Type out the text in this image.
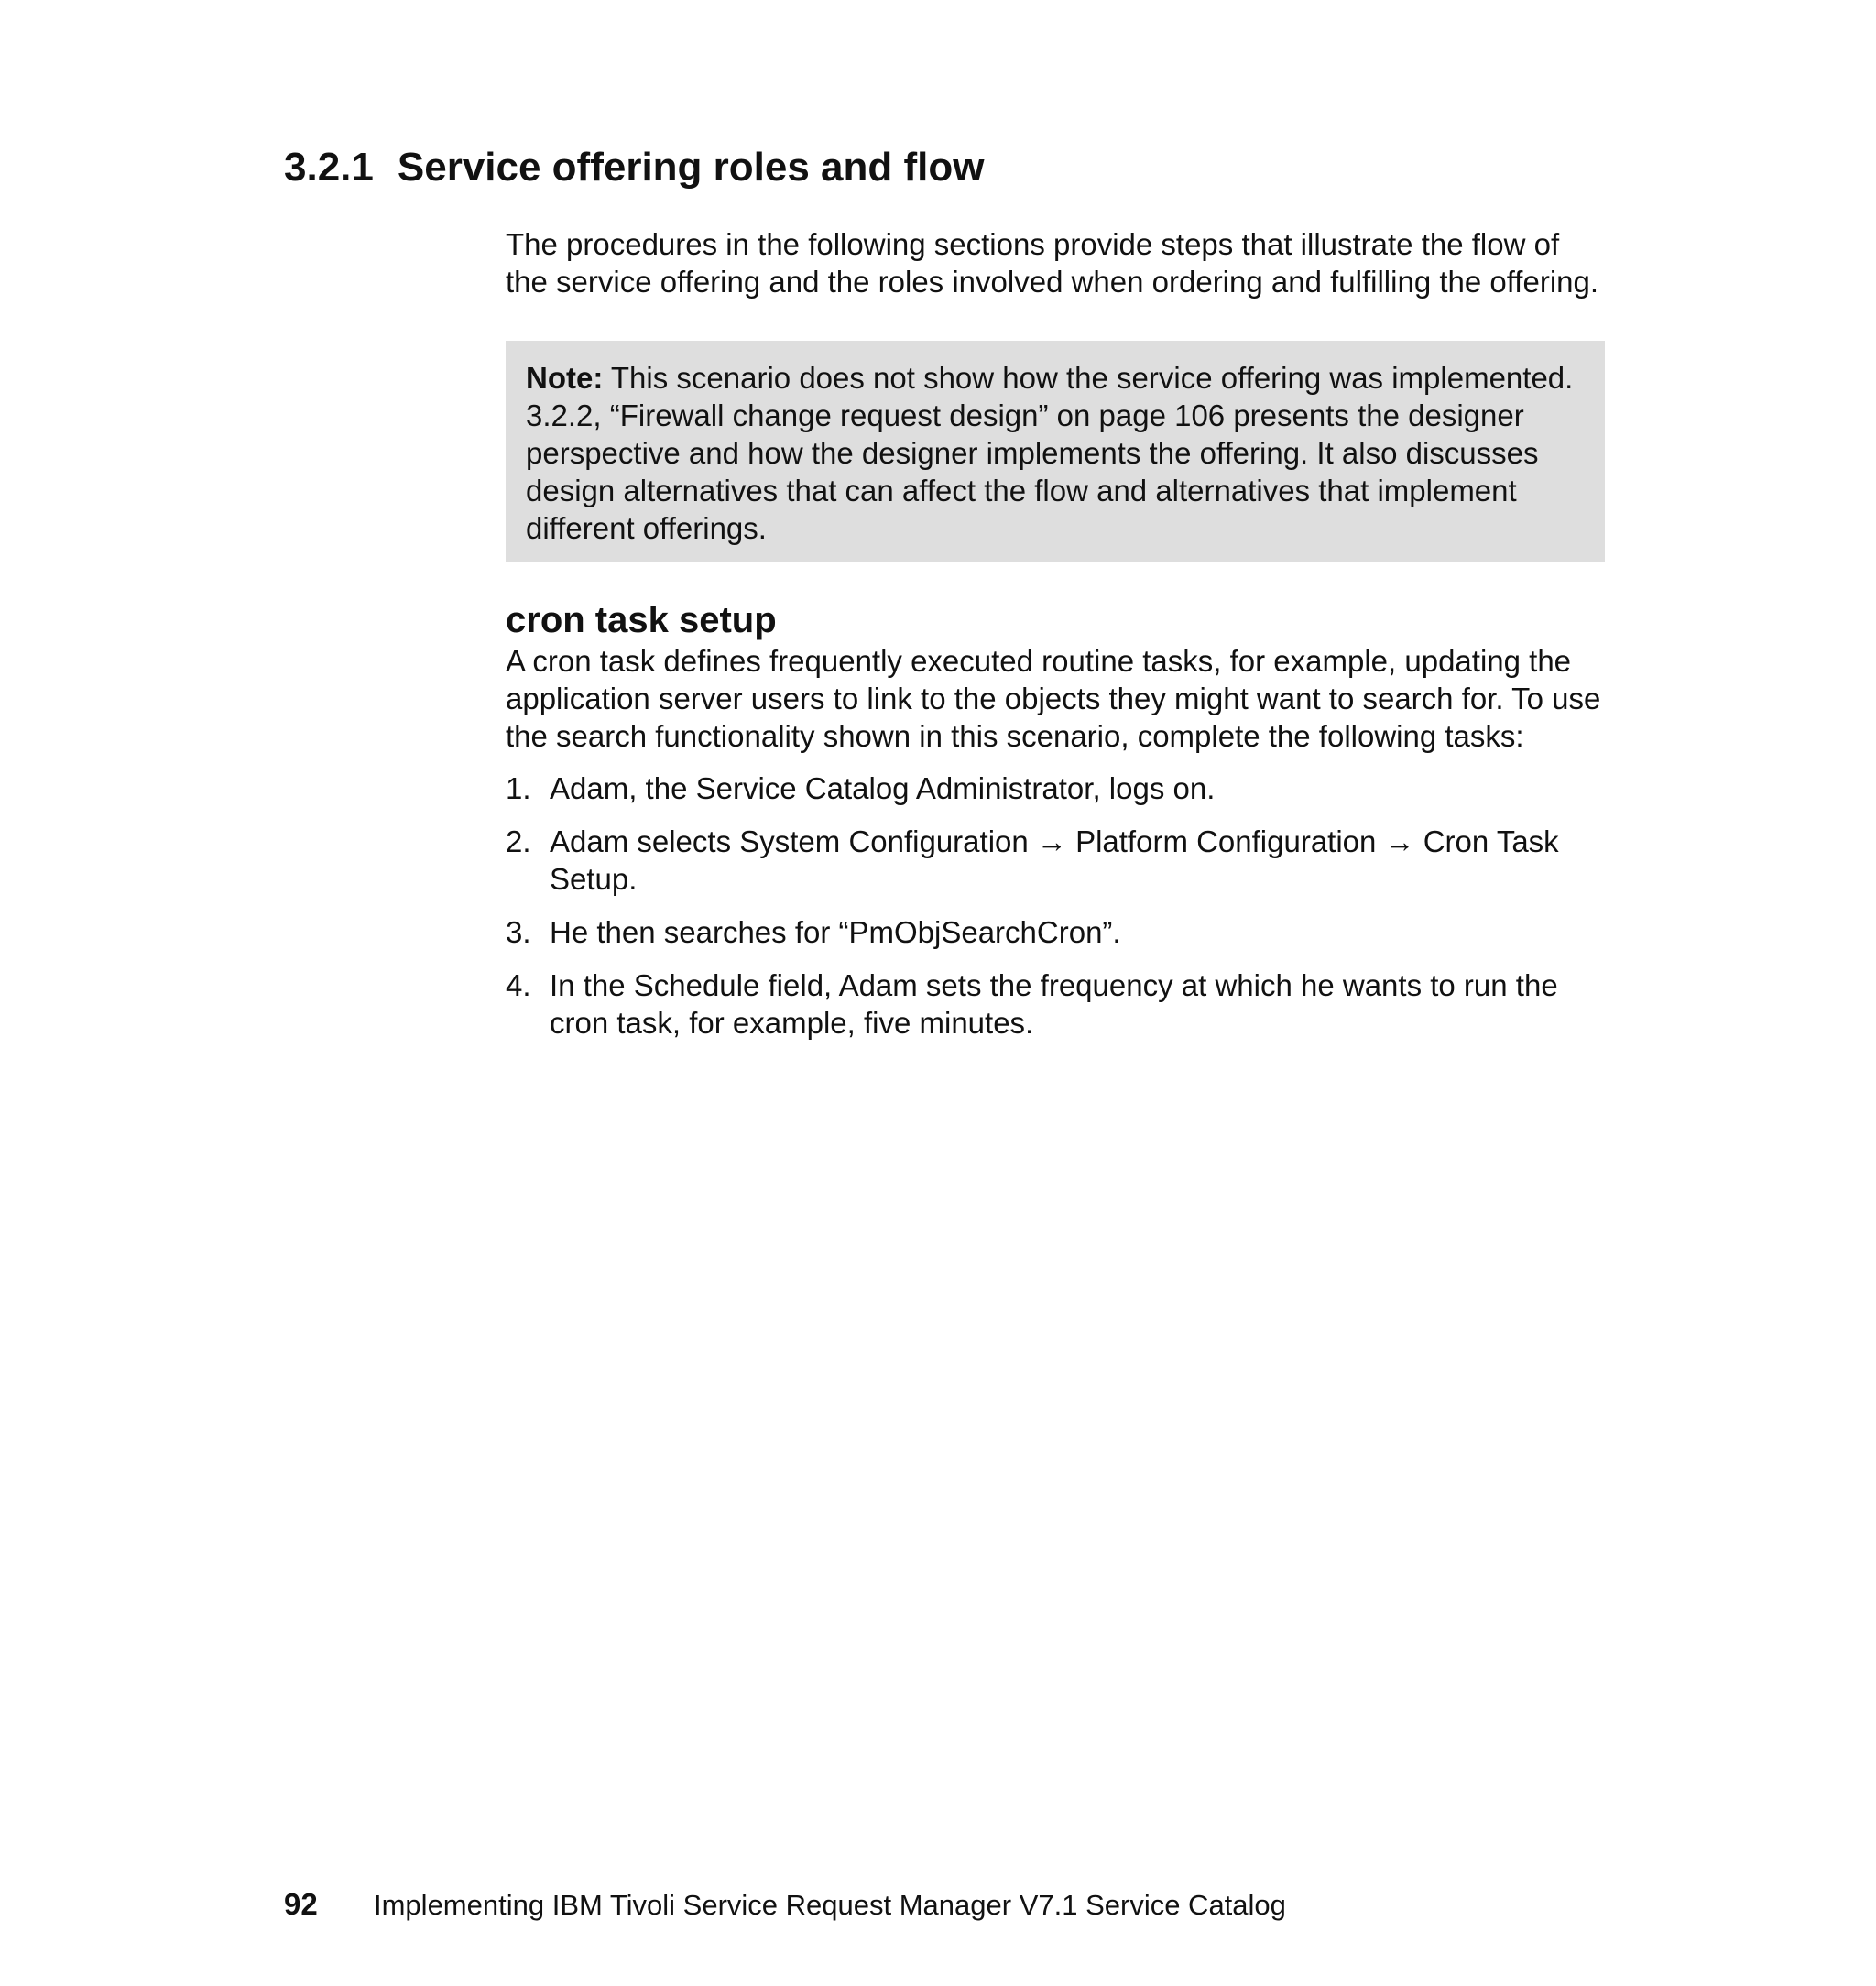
3.2.1 Service offering roles and flow

The procedures in the following sections provide steps that illustrate the flow of the service offering and the roles involved when ordering and fulfilling the offering.

Note: This scenario does not show how the service offering was implemented. 3.2.2, “Firewall change request design” on page 106 presents the designer perspective and how the designer implements the offering. It also discusses design alternatives that can affect the flow and alternatives that implement different offerings.
cron task setup

A cron task defines frequently executed routine tasks, for example, updating the application server users to link to the objects they might want to search for. To use the search functionality shown in this scenario, complete the following tasks:

1. Adam, the Service Catalog Administrator, logs on.
2. Adam selects System Configuration → Platform Configuration → Cron Task Setup.
3. He then searches for “PmObjSearchCron”.
4. In the Schedule field, Adam sets the frequency at which he wants to run the cron task, for example, five minutes.
92 Implementing IBM Tivoli Service Request Manager V7.1 Service Catalog
